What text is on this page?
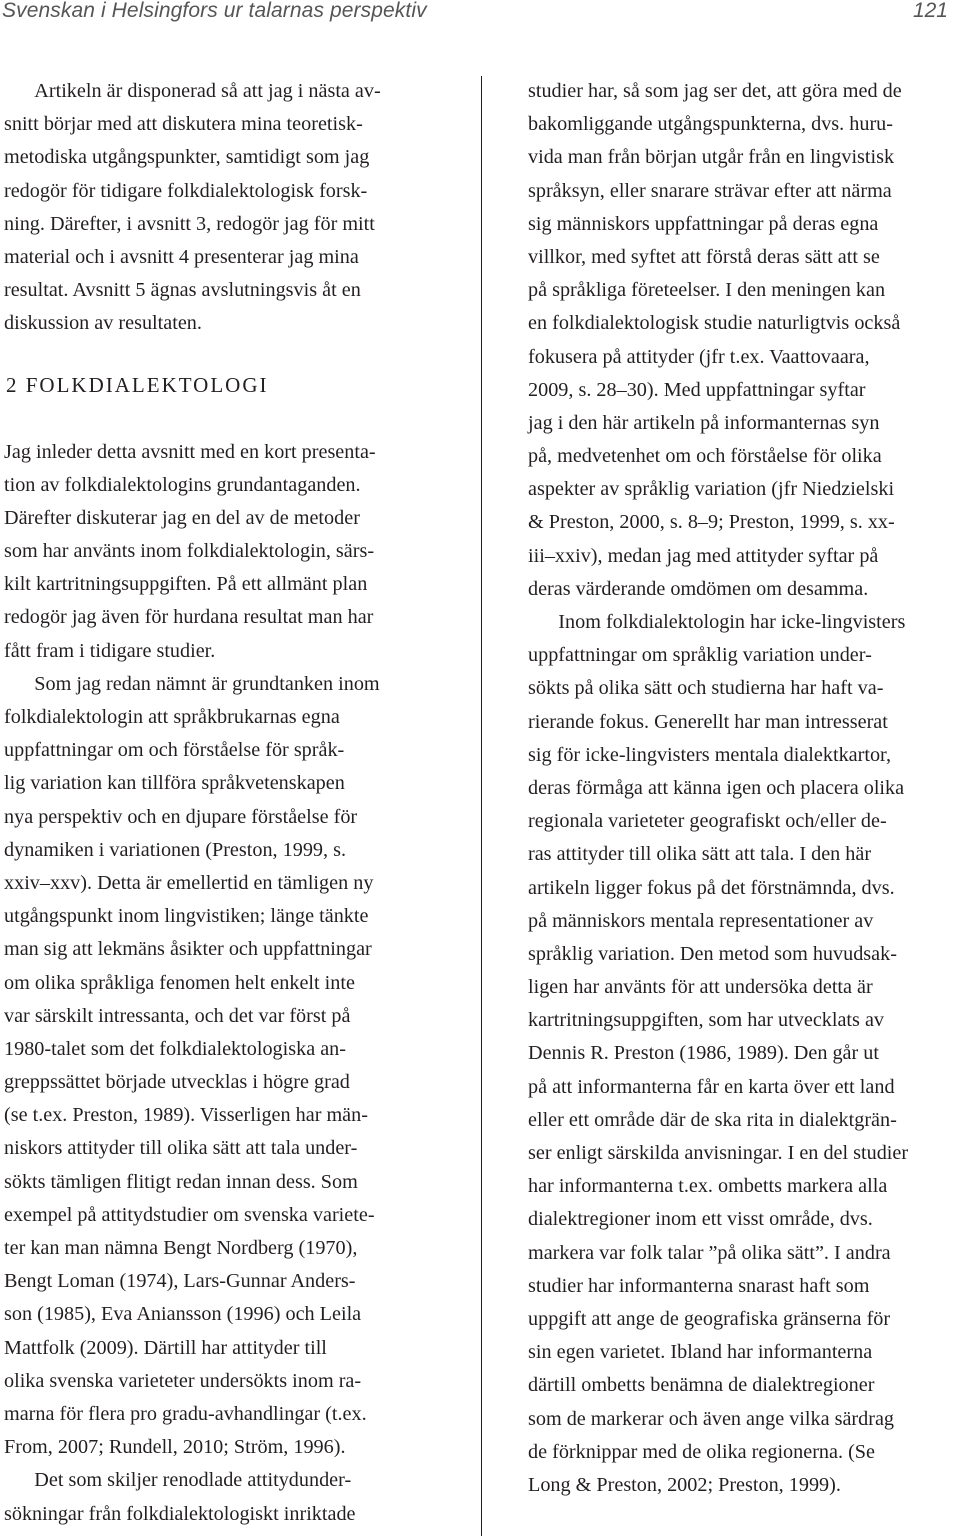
Svenskan i Helsingfors ur talarnas perspektiv	121
  Artikeln är disponerad så att jag i nästa av-
snitt börjar med att diskutera mina teoretisk-
metodiska utgångspunkter, samtidigt som jag
redogör för tidigare folkdialektologisk forsk-
ning. Därefter, i avsnitt 3, redogör jag för mitt
material och i avsnitt 4 presenterar jag mina
resultat. Avsnitt 5 ägnas avslutningsvis åt en
diskussion av resultaten.
2 FOLKDIALEKTOLOGI
Jag inleder detta avsnitt med en kort presenta-
tion av folkdialektologins grundantaganden.
Därefter diskuterar jag en del av de metoder
som har använts inom folkdialektologin, särs-
kilt kartritningsuppgiften. På ett allmänt plan
redogör jag även för hurdana resultat man har
fått fram i tidigare studier.
  Som jag redan nämnt är grundtanken inom
folkdialektologin att språkbrukarnas egna
uppfattningar om och förståelse för språk-
lig variation kan tillföra språkvetenskapen
nya perspektiv och en djupare förståelse för
dynamiken i variationen (Preston, 1999, s.
xxiv–xxv). Detta är emellertid en tämligen ny
utgångspunkt inom lingvistiken; länge tänkte
man sig att lekmäns åsikter och uppfattningar
om olika språkliga fenomen helt enkelt inte
var särskilt intressanta, och det var först på
1980-talet som det folkdialektologiska an-
greppssättet började utvecklas i högre grad
(se t.ex. Preston, 1989). Visserligen har män-
niskors attityder till olika sätt att tala under-
sökts tämligen flitigt redan innan dess. Som
exempel på attitydstudier om svenska variete-
ter kan man nämna Bengt Nordberg (1970),
Bengt Loman (1974), Lars-Gunnar Anders-
son (1985), Eva Aniansson (1996) och Leila
Mattfolk (2009). Därtill har attityder till
olika svenska varieteter undersökts inom ra-
marna för flera pro gradu-avhandlingar (t.ex.
From, 2007; Rundell, 2010; Ström, 1996).
  Det som skiljer renodlade attitydunder-
sökningar från folkdialektologiskt inriktade
studier har, så som jag ser det, att göra med de
bakomliggande utgångspunkterna, dvs. huru-
vida man från början utgår från en lingvistisk
språksyn, eller snarare strävar efter att närma
sig människors uppfattningar på deras egna
villkor, med syftet att förstå deras sätt att se
på språkliga företeelser. I den meningen kan
en folkdialektologisk studie naturligtvis också
fokusera på attityder (jfr t.ex. Vaattovaara,
2009, s. 28–30). Med uppfattningar syftar
jag i den här artikeln på informanternas syn
på, medvetenhet om och förståelse för olika
aspekter av språklig variation (jfr Niedzielski
& Preston, 2000, s. 8–9; Preston, 1999, s. xx-
iii–xxiv), medan jag med attityder syftar på
deras värderande omdömen om desamma.
  Inom folkdialektologin har icke-lingvisters
uppfattningar om språklig variation under-
sökts på olika sätt och studierna har haft va-
rierande fokus. Generellt har man intresserat
sig för icke-lingvisters mentala dialektkartor,
deras förmåga att känna igen och placera olika
regionala varieteter geografiskt och/eller de-
ras attityder till olika sätt att tala. I den här
artikeln ligger fokus på det förstnämnda, dvs.
på människors mentala representationer av
språklig variation. Den metod som huvudsak-
ligen har använts för att undersöka detta är
kartritningsuppgiften, som har utvecklats av
Dennis R. Preston (1986, 1989). Den går ut
på att informanterna får en karta över ett land
eller ett område där de ska rita in dialektgrän-
ser enligt särskilda anvisningar. I en del studier
har informanterna t.ex. ombetts markera alla
dialektregioner inom ett visst område, dvs.
markera var folk talar ”på olika sätt”. I andra
studier har informanterna snarast haft som
uppgift att ange de geografiska gränserna för
sin egen varietet. Ibland har informanterna
därtill ombetts benämna de dialektregioner
som de markerar och även ange vilka särdrag
de förknippar med de olika regionerna. (Se
Long & Preston, 2002; Preston, 1999).
